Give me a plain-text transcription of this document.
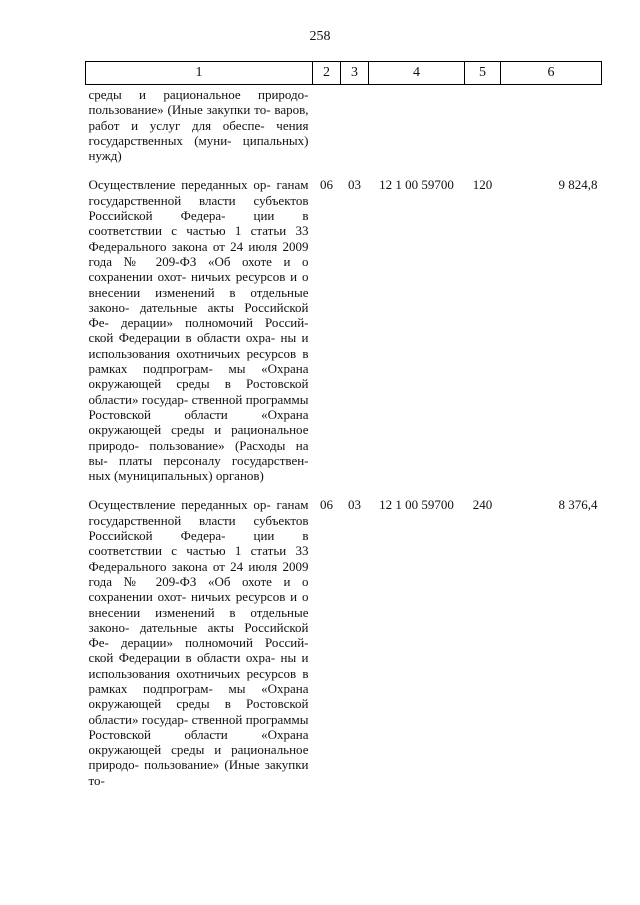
258
1	2	3	4	5	6
среды и рациональное природо- пользование» (Иные закупки то- варов, работ и услуг для обеспе- чения государственных (муни- ципальных) нужд)					
Осуществление переданных ор- ганам государственной власти субъектов Российской Федера- ции в соответствии с частью 1 статьи 33 Федерального закона от 24 июля 2009 года № 209-ФЗ «Об охоте и о сохранении охот- ничьих ресурсов и о внесении изменений в отдельные законо- дательные акты Российской Фе- дерации» полномочий Россий- ской Федерации в области охра- ны и использования охотничьих ресурсов в рамках подпрограм- мы «Охрана окружающей среды в Ростовской области» государ- ственной программы Ростовской области «Охрана окружающей среды и рациональное природо- пользование» (Расходы на вы- платы персоналу государствен- ных (муниципальных) органов)	06	03	12 1 00 59700	120	9 824,8
Осуществление переданных ор- ганам государственной власти субъектов Российской Федера- ции в соответствии с частью 1 статьи 33 Федерального закона от 24 июля 2009 года № 209-ФЗ «Об охоте и о сохранении охот- ничьих ресурсов и о внесении изменений в отдельные законо- дательные акты Российской Фе- дерации» полномочий Россий- ской Федерации в области охра- ны и использования охотничьих ресурсов в рамках подпрограм- мы «Охрана окружающей среды в Ростовской области» государ- ственной программы Ростовской области «Охрана окружающей среды и рациональное природо- пользование» (Иные закупки то-	06	03	12 1 00 59700	240	8 376,4
